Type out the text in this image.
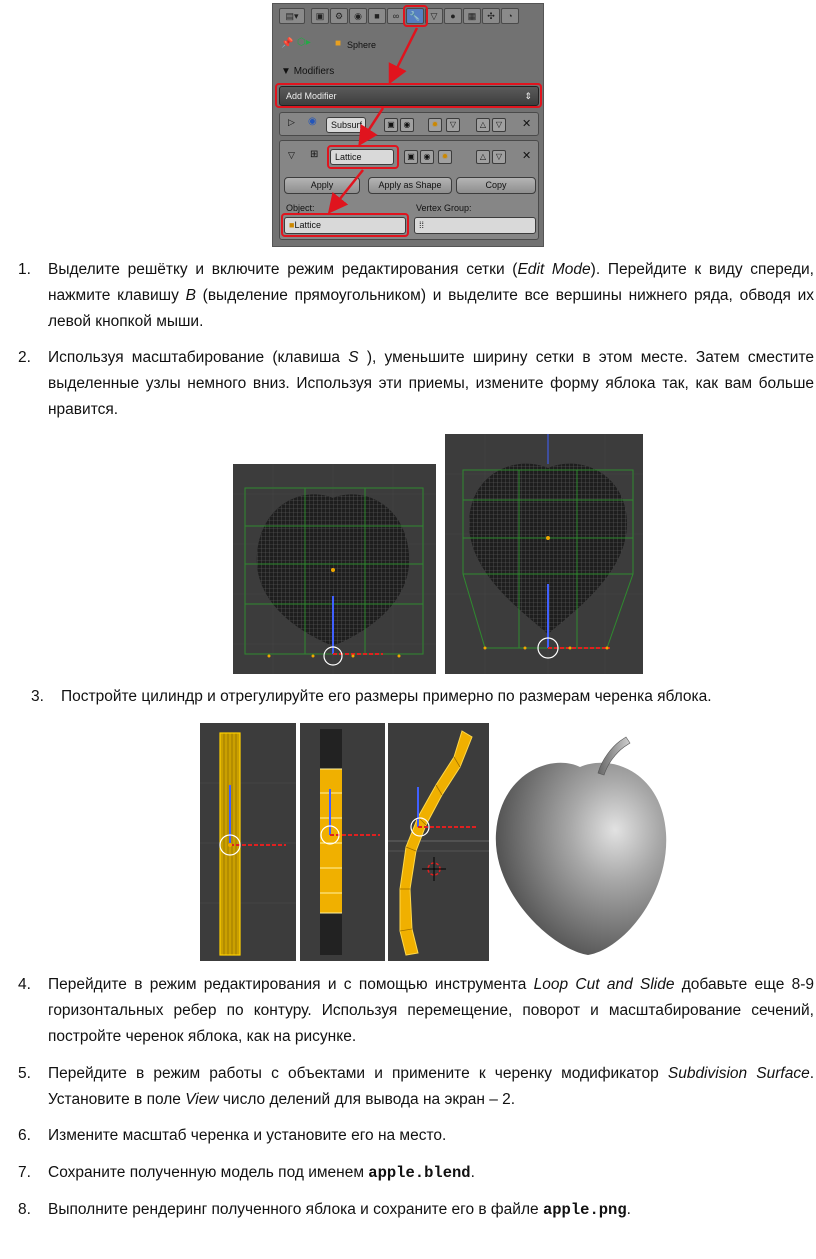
▤▾	▣	⚙	◉	■	∞	🔧	▽	●	▦	✣	◔
📌 ⬡▸ ■ Sphere
▼ Modifiers
Add Modifier	⇕
▷ ◉	Subsurf	▣	◉	✹	▽	△	▽	✕
▽ ⊞	Lattice	▣	◉	✹	△	▽	✕
Apply	Apply as Shape	Copy
Object:	Vertex Group:
■Lattice	⁞⁞
1.	Выделите решётку и включите режим редактирования сетки (Edit Mode). Перейдите к виду спереди, нажмите клавишу B (выделение прямоугольником) и выделите все вершины нижнего ряда, обводя их левой кнопкой мыши.
2.	Используя масштабирование (клавиша S ), уменьшите ширину сетки в этом месте. Затем сместите выделенные узлы немного вниз. Используя эти приемы, измените форму яблока так, как вам больше нравится.
3.	Постройте цилиндр и отрегулируйте его размеры примерно по размерам черенка яблока.
4.	Перейдите в режим редактирования и с помощью инструмента Loop Cut and Slide добавьте еще 8-9 горизонтальных ребер по контуру. Используя перемещение, поворот и масштабирование сечений, постройте черенок яблока, как на рисунке.
5.	Перейдите в режим работы с объектами и примените к черенку модификатор Subdivision Surface. Установите в поле View число делений для вывода на экран – 2.
6.	Измените масштаб черенка и установите его на место.
7.	Сохраните полученную модель под именем apple.blend.
8.	Выполните рендеринг полученного яблока и сохраните его в файле apple.png.
